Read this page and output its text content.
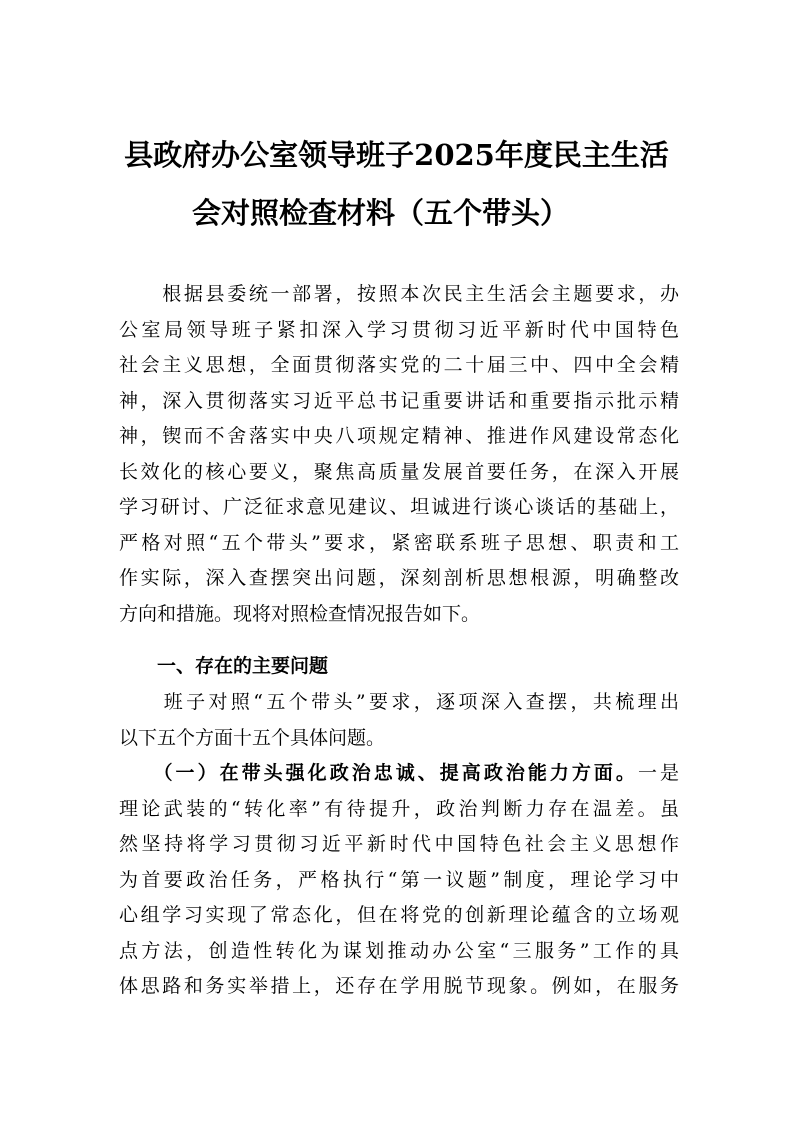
县政府办公室领导班子2025年度民主生活
会对照检查材料（五个带头）
　　根据县委统一部署，按照本次民主生活会主题要求，办
公室局领导班子紧扣深入学习贯彻习近平新时代中国特色
社会主义思想，全面贯彻落实党的二十届三中、四中全会精
神，深入贯彻落实习近平总书记重要讲话和重要指示批示精
神，锲而不舍落实中央八项规定精神、推进作风建设常态化
长效化的核心要义，聚焦高质量发展首要任务，在深入开展
学习研讨、广泛征求意见建议、坦诚进行谈心谈话的基础上，
严格对照“五个带头”要求，紧密联系班子思想、职责和工
作实际，深入查摆突出问题，深刻剖析思想根源，明确整改
方向和措施。现将对照检查情况报告如下。
　　一、存在的主要问题
　　班子对照“五个带头”要求，逐项深入查摆，共梳理出
以下五个方面十五个具体问题。
　　（一）在带头强化政治忠诚、提高政治能力方面。一是
理论武装的“转化率”有待提升，政治判断力存在温差。虽
然坚持将学习贯彻习近平新时代中国特色社会主义思想作
为首要政治任务，严格执行“第一议题”制度，理论学习中
心组学习实现了常态化，但在将党的创新理论蕴含的立场观
点方法，创造性转化为谋划推动办公室“三服务”工作的具
体思路和务实举措上，还存在学用脱节现象。例如，在服务
